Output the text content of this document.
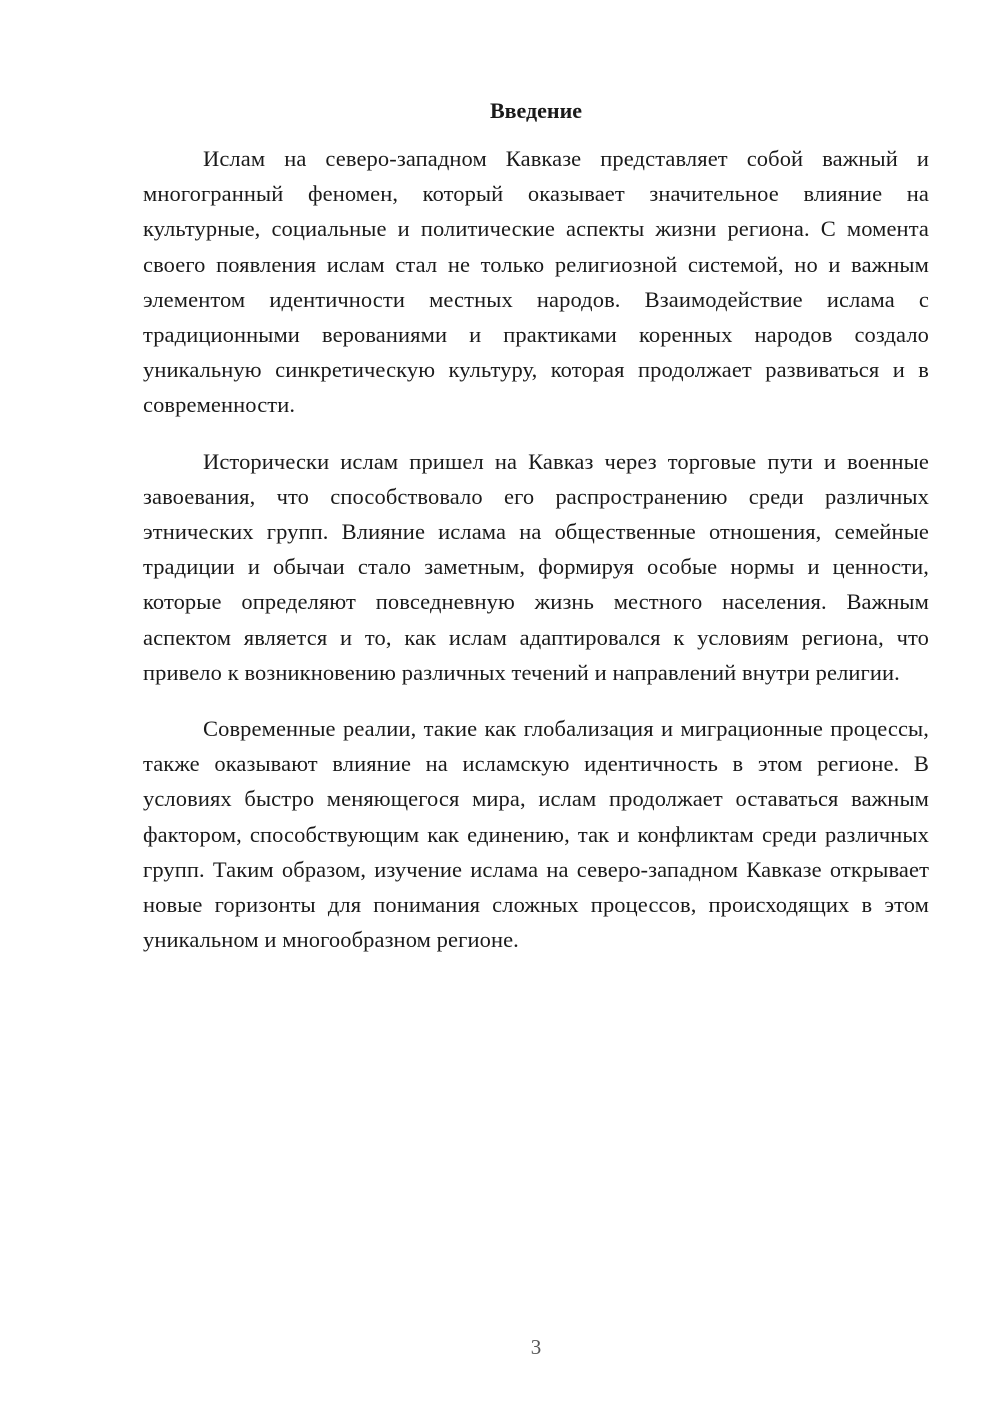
Введение

Ислам на северо-западном Кавказе представляет собой важный и многогранный феномен, который оказывает значительное влияние на культурные, социальные и политические аспекты жизни региона. С момента своего появления ислам стал не только религиозной системой, но и важным элементом идентичности местных народов. Взаимодействие ислама с традиционными верованиями и практиками коренных народов создало уникальную синкретическую культуру, которая продолжает развиваться и в современности.

Исторически ислам пришел на Кавказ через торговые пути и военные завоевания, что способствовало его распространению среди различных этнических групп. Влияние ислама на общественные отношения, семейные традиции и обычаи стало заметным, формируя особые нормы и ценности, которые определяют повседневную жизнь местного населения. Важным аспектом является и то, как ислам адаптировался к условиям региона, что привело к возникновению различных течений и направлений внутри религии.

Современные реалии, такие как глобализация и миграционные процессы, также оказывают влияние на исламскую идентичность в этом регионе. В условиях быстро меняющегося мира, ислам продолжает оставаться важным фактором, способствующим как единению, так и конфликтам среди различных групп. Таким образом, изучение ислама на северо-западном Кавказе открывает новые горизонты для понимания сложных процессов, происходящих в этом уникальном и многообразном регионе.

3
